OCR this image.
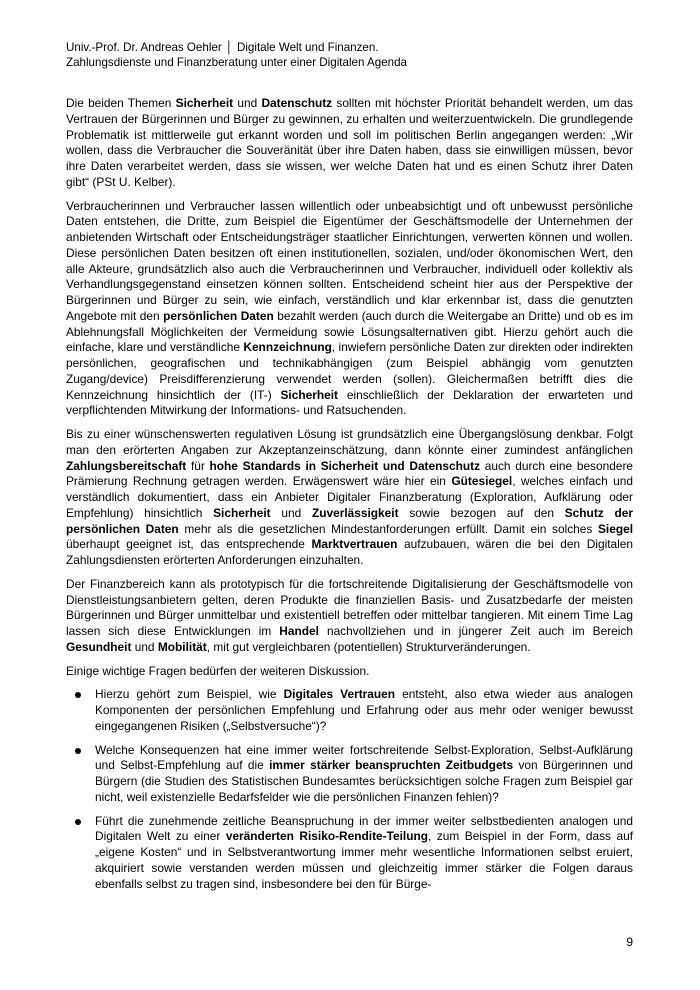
Univ.-Prof. Dr. Andreas Oehler │ Digitale Welt und Finanzen.
Zahlungsdienste und Finanzberatung unter einer Digitalen Agenda

Die beiden Themen Sicherheit und Datenschutz sollten mit höchster Priorität behandelt werden, um das Vertrauen der Bürgerinnen und Bürger zu gewinnen, zu erhalten und weiterzuentwickeln. Die grundlegende Problematik ist mittlerweile gut erkannt worden und soll im politischen Berlin angegangen werden: „Wir wollen, dass die Verbraucher die Souveränität über ihre Daten haben, dass sie einwilligen müssen, bevor ihre Daten verarbeitet werden, dass sie wissen, wer welche Daten hat und es einen Schutz ihrer Daten gibt“ (PSt U. Kelber).

Verbraucherinnen und Verbraucher lassen willentlich oder unbeabsichtigt und oft unbewusst persönliche Daten entstehen, die Dritte, zum Beispiel die Eigentümer der Geschäftsmodelle der Unternehmen der anbietenden Wirtschaft oder Entscheidungsträger staatlicher Einrichtungen, verwerten können und wollen. Diese persönlichen Daten besitzen oft einen institutionellen, sozialen, und/oder ökonomischen Wert, den alle Akteure, grundsätzlich also auch die Verbraucherinnen und Verbraucher, individuell oder kollektiv als Verhandlungsgegenstand einsetzen können sollten. Entscheidend scheint hier aus der Perspektive der Bürgerinnen und Bürger zu sein, wie einfach, verständlich und klar erkennbar ist, dass die genutzten Angebote mit den persönlichen Daten bezahlt werden (auch durch die Weitergabe an Dritte) und ob es im Ablehnungsfall Möglichkeiten der Vermeidung sowie Lösungsalternativen gibt. Hierzu gehört auch die einfache, klare und verständliche Kennzeichnung, inwiefern persönliche Daten zur direkten oder indirekten persönlichen, geografischen und technikabhängigen (zum Beispiel abhängig vom genutzten Zugang/device) Preisdifferenzierung verwendet werden (sollen). Gleichermaßen betrifft dies die Kennzeichnung hinsichtlich der (IT-) Sicherheit einschließlich der Deklaration der erwarteten und verpflichtenden Mitwirkung der Informations- und Ratsuchenden.

Bis zu einer wünschenswerten regulativen Lösung ist grundsätzlich eine Übergangslösung denkbar. Folgt man den erörterten Angaben zur Akzeptanzeinschätzung, dann könnte einer zumindest anfänglichen Zahlungsbereitschaft für hohe Standards in Sicherheit und Datenschutz auch durch eine besondere Prämierung Rechnung getragen werden. Erwägenswert wäre hier ein Gütesiegel, welches einfach und verständlich dokumentiert, dass ein Anbieter Digitaler Finanzberatung (Exploration, Aufklärung oder Empfehlung) hinsichtlich Sicherheit und Zuverlässigkeit sowie bezogen auf den Schutz der persönlichen Daten mehr als die gesetzlichen Mindestanforderungen erfüllt. Damit ein solches Siegel überhaupt geeignet ist, das entsprechende Marktvertrauen aufzubauen, wären die bei den Digitalen Zahlungsdiensten erörterten Anforderungen einzuhalten.

Der Finanzbereich kann als prototypisch für die fortschreitende Digitalisierung der Geschäftsmodelle von Dienstleistungsanbietern gelten, deren Produkte die finanziellen Basis- und Zusatzbedarfe der meisten Bürgerinnen und Bürger unmittelbar und existentiell betreffen oder mittelbar tangieren. Mit einem Time Lag lassen sich diese Entwicklungen im Handel nachvollziehen und in jüngerer Zeit auch im Bereich Gesundheit und Mobilität, mit gut vergleichbaren (potentiellen) Strukturveränderungen.

Einige wichtige Fragen bedürfen der weiteren Diskussion.

Hierzu gehört zum Beispiel, wie Digitales Vertrauen entsteht, also etwa wieder aus analogen Komponenten der persönlichen Empfehlung und Erfahrung oder aus mehr oder weniger bewusst eingegangenen Risiken („Selbstversuche“)?
Welche Konsequenzen hat eine immer weiter fortschreitende Selbst-Exploration, Selbst-Aufklärung und Selbst-Empfehlung auf die immer stärker beanspruchten Zeitbudgets von Bürgerinnen und Bürgern (die Studien des Statistischen Bundesamtes berücksichtigen solche Fragen zum Beispiel gar nicht, weil existenzielle Bedarfsfelder wie die persönlichen Finanzen fehlen)?
Führt die zunehmende zeitliche Beanspruchung in der immer weiter selbstbedienten analogen und Digitalen Welt zu einer veränderten Risiko-Rendite-Teilung, zum Beispiel in der Form, dass auf „eigene Kosten“ und in Selbstverantwortung immer mehr wesentliche Informationen selbst eruiert, akquiriert sowie verstanden werden müssen und gleichzeitig immer stärker die Folgen daraus ebenfalls selbst zu tragen sind, insbesondere bei den für Bürge-
9
